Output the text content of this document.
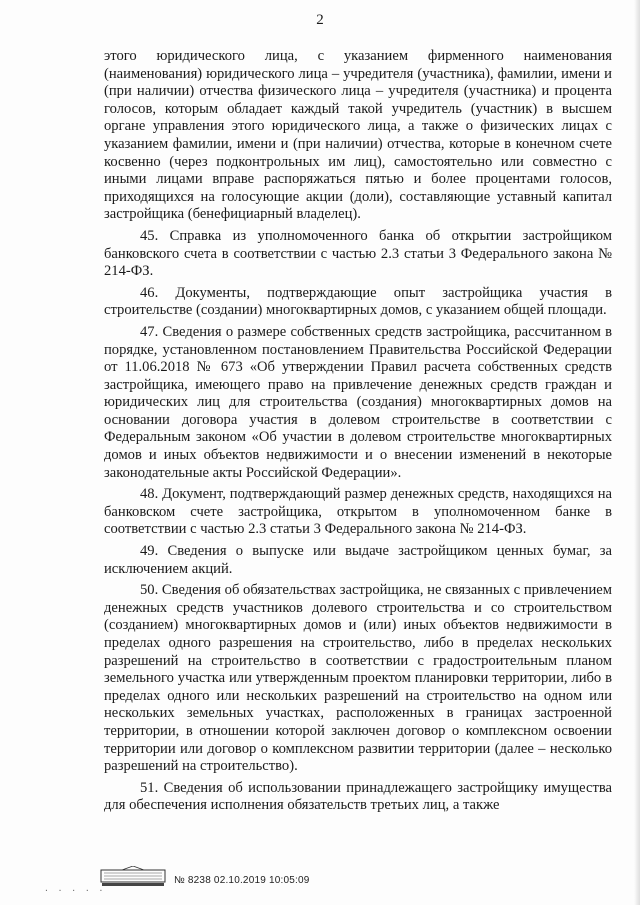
2

этого юридического лица, с указанием фирменного наименования (наименования) юридического лица – учредителя (участника), фамилии, имени и (при наличии) отчества физического лица – учредителя (участника) и процента голосов, которым обладает каждый такой учредитель (участник) в высшем органе управления этого юридического лица, а также о физических лицах с указанием фамилии, имени и (при наличии) отчества, которые в конечном счете косвенно (через подконтрольных им лиц), самостоятельно или совместно с иными лицами вправе распоряжаться пятью и более процентами голосов, приходящихся на голосующие акции (доли), составляющие уставный капитал застройщика (бенефициарный владелец).

45. Справка из уполномоченного банка об открытии застройщиком банковского счета в соответствии с частью 2.3 статьи 3 Федерального закона № 214-ФЗ.

46. Документы, подтверждающие опыт застройщика участия в строительстве (создании) многоквартирных домов, с указанием общей площади.

47. Сведения о размере собственных средств застройщика, рассчитанном в порядке, установленном постановлением Правительства Российской Федерации от 11.06.2018 № 673 «Об утверждении Правил расчета собственных средств застройщика, имеющего право на привлечение денежных средств граждан и юридических лиц для строительства (создания) многоквартирных домов на основании договора участия в долевом строительстве в соответствии с Федеральным законом «Об участии в долевом строительстве многоквартирных домов и иных объектов недвижимости и о внесении изменений в некоторые законодательные акты Российской Федерации».

48. Документ, подтверждающий размер денежных средств, находящихся на банковском счете застройщика, открытом в уполномоченном банке в соответствии с частью 2.3 статьи 3 Федерального закона № 214-ФЗ.

49. Сведения о выпуске или выдаче застройщиком ценных бумаг, за исключением акций.

50. Сведения об обязательствах застройщика, не связанных с привлечением денежных средств участников долевого строительства и со строительством (созданием) многоквартирных домов и (или) иных объектов недвижимости в пределах одного разрешения на строительство, либо в пределах нескольких разрешений на строительство в соответствии с градостроительным планом земельного участка или утвержденным проектом планировки территории, либо в пределах одного или нескольких разрешений на строительство на одном или нескольких земельных участках, расположенных в границах застроенной территории, в отношении которой заключен договор о комплексном освоении территории или договор о комплексном развитии территории (далее – несколько разрешений на строительство).

51. Сведения об использовании принадлежащего застройщику имущества для обеспечения исполнения обязательств третьих лиц, а также

№ 8238 02.10.2019 10:05:09
· · · · ·
